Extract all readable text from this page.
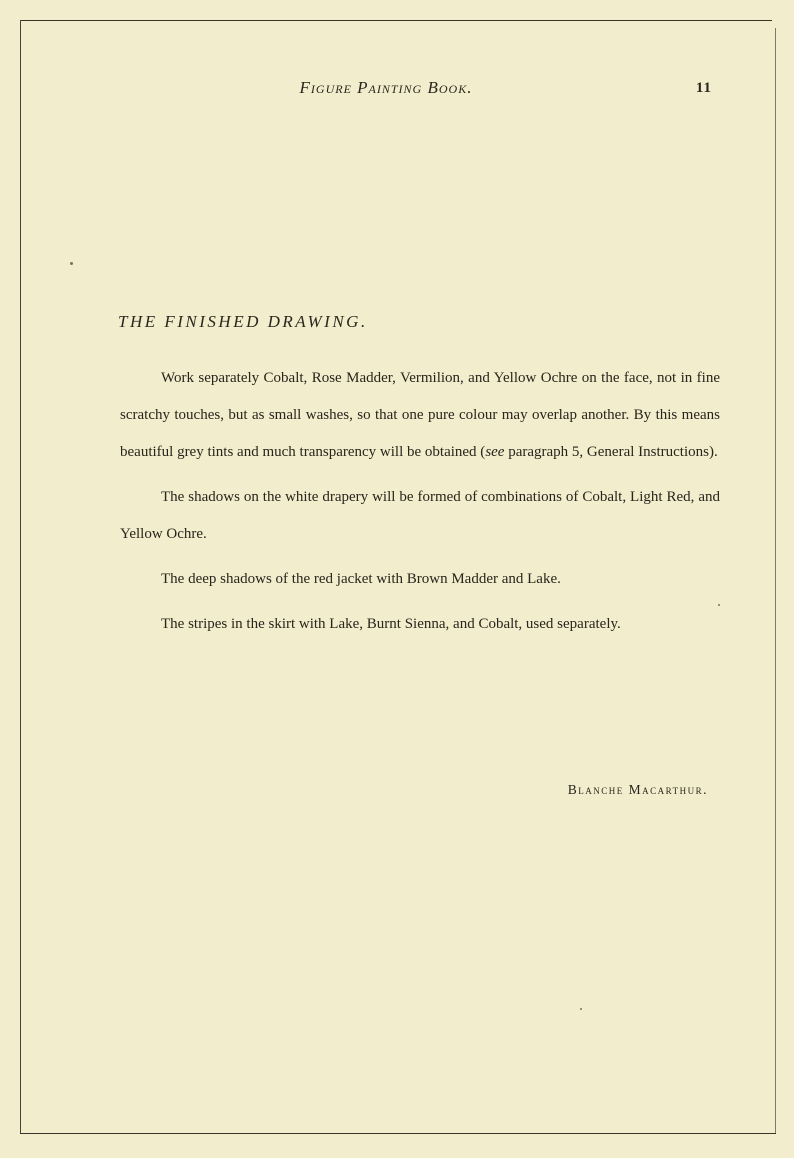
Figure Painting Book.	11
THE FINISHED DRAWING.

Work separately Cobalt, Rose Madder, Vermilion, and Yellow Ochre on the face, not in fine scratchy touches, but as small washes, so that one pure colour may overlap another. By this means beautiful grey tints and much transparency will be obtained (see paragraph 5, General Instructions).

The shadows on the white drapery will be formed of combinations of Cobalt, Light Red, and Yellow Ochre.

The deep shadows of the red jacket with Brown Madder and Lake.

The stripes in the skirt with Lake, Burnt Sienna, and Cobalt, used separately.

Blanche Macarthur.
